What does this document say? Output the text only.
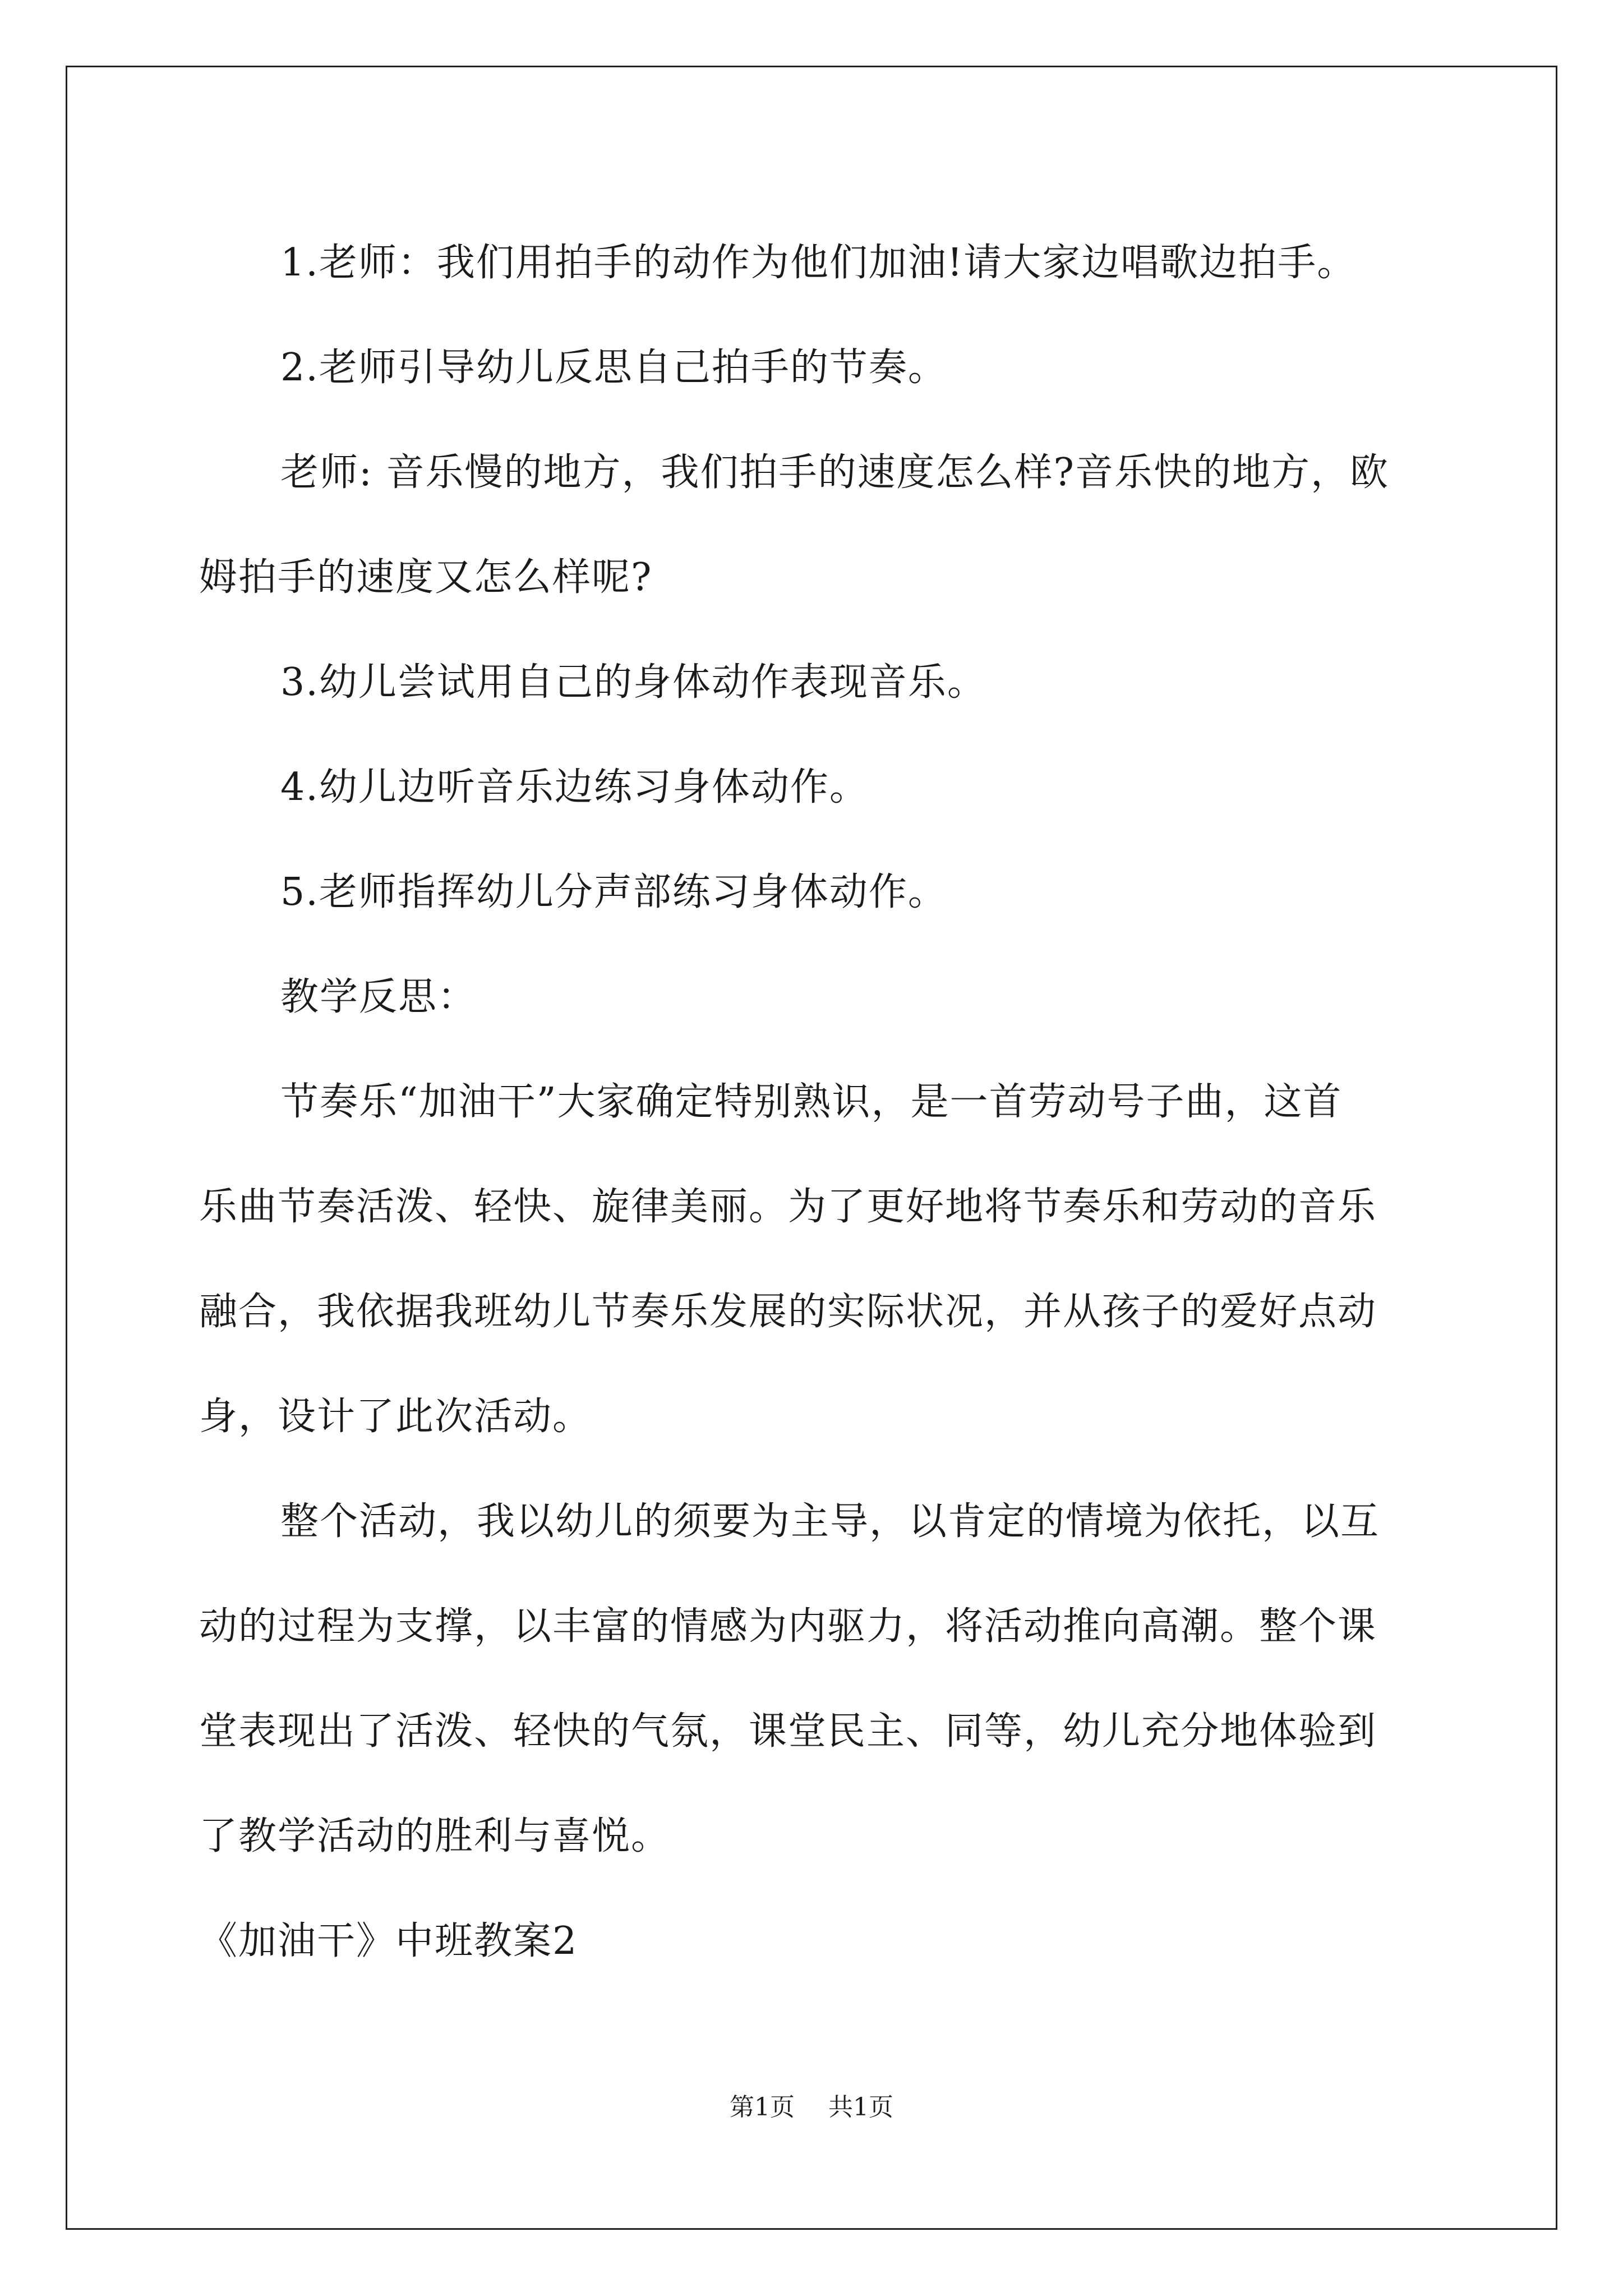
1.老师：我们用拍手的动作为他们加油!请大家边唱歌边拍手。

2.老师引导幼儿反思自己拍手的节奏。

老师: 音乐慢的地方，我们拍手的速度怎么样?音乐快的地方，欧

姆拍手的速度又怎么样呢?

3.幼儿尝试用自己的身体动作表现音乐。

4.幼儿边听音乐边练习身体动作。

5.老师指挥幼儿分声部练习身体动作。

教学反思：

节奏乐“加油干”大家确定特别熟识，是一首劳动号子曲，这首

乐曲节奏活泼、轻快、旋律美丽。为了更好地将节奏乐和劳动的音乐

融合，我依据我班幼儿节奏乐发展的实际状况，并从孩子的爱好点动

身，设计了此次活动。

整个活动，我以幼儿的须要为主导，以肯定的情境为依托，以互

动的过程为支撑，以丰富的情感为内驱力，将活动推向高潮。整个课

堂表现出了活泼、轻快的气氛，课堂民主、同等，幼儿充分地体验到

了教学活动的胜利与喜悦。

《加油干》中班教案2

第1页 共1页
